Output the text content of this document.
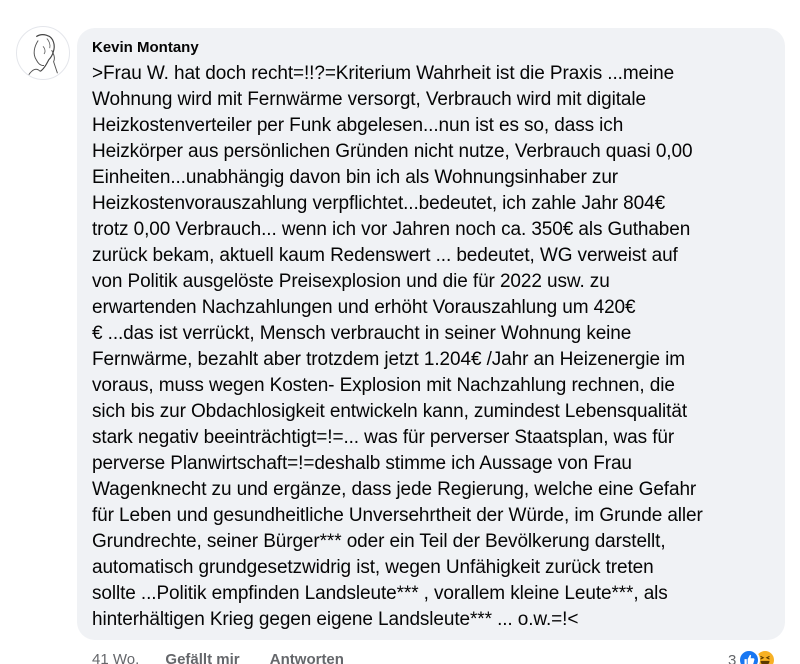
Kevin Montany

>Frau W. hat doch recht=!!?=Kriterium Wahrheit ist die Praxis ...meine
Wohnung wird mit Fernwärme versorgt, Verbrauch wird mit digitale
Heizkostenverteiler per Funk abgelesen...nun ist es so, dass ich
Heizkörper aus persönlichen Gründen nicht nutze, Verbrauch quasi 0,00
Einheiten...unabhängig davon bin ich als Wohnungsinhaber zur
Heizkostenvorauszahlung verpflichtet...bedeutet, ich zahle Jahr 804€
trotz 0,00 Verbrauch... wenn ich vor Jahren noch ca. 350€ als Guthaben
zurück bekam, aktuell kaum Redenswert ... bedeutet, WG verweist auf
von Politik ausgelöste Preisexplosion und die für 2022 usw. zu
erwartenden Nachzahlungen und erhöht Vorauszahlung um 420€
€ ...das ist verrückt, Mensch verbraucht in seiner Wohnung keine
Fernwärme, bezahlt aber trotzdem jetzt 1.204€ /Jahr an Heizenergie im
voraus, muss wegen Kosten- Explosion mit Nachzahlung rechnen, die
sich bis zur Obdachlosigkeit entwickeln kann, zumindest Lebensqualität
stark negativ beeinträchtigt=!=... was für perverser Staatsplan, was für
perverse Planwirtschaft=!=deshalb stimme ich Aussage von Frau
Wagenknecht zu und ergänze, dass jede Regierung, welche eine Gefahr
für Leben und gesundheitliche Unversehrtheit der Würde, im Grunde aller
Grundrechte, seiner Bürger*** oder ein Teil der Bevölkerung darstellt,
automatisch grundgesetzwidrig ist, wegen Unfähigkeit zurück treten
sollte ...Politik empfinden Landsleute*** , vorallem kleine Leute***, als
hinterhältigen Krieg gegen eigene Landsleute*** ... o.w.=!<

41 Wo. Gefällt mir Antworten	3
